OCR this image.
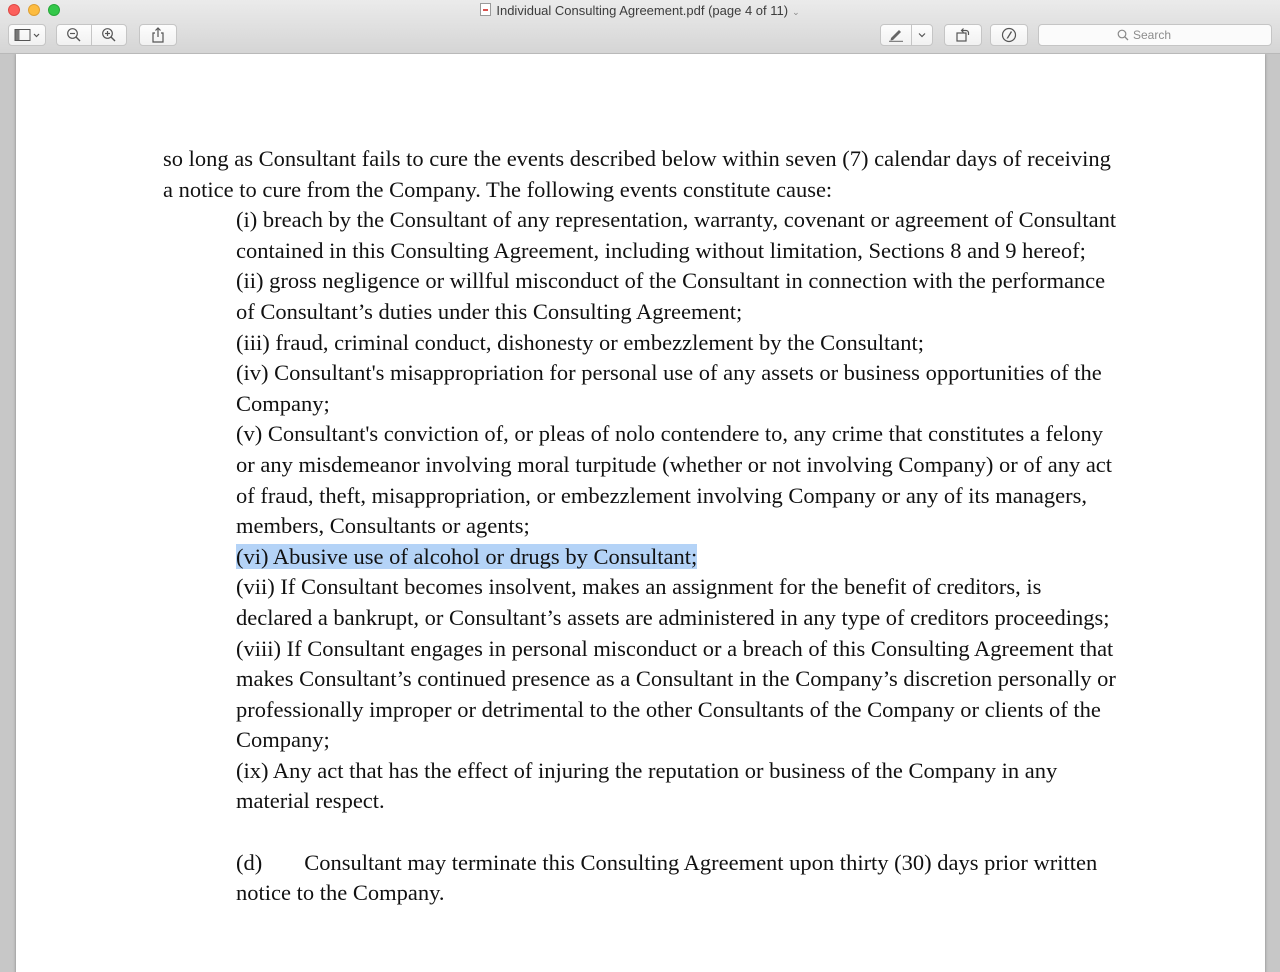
Individual Consulting Agreement.pdf (page 4 of 11) ⌄
Search

so long as Consultant fails to cure the events described below within seven (7) calendar days of receiving a notice to cure from the Company. The following events constitute cause:

(i) breach by the Consultant of any representation, warranty, covenant or agreement of Consultant contained in this Consulting Agreement, including without limitation, Sections 8 and 9 hereof;

(ii) gross negligence or willful misconduct of the Consultant in connection with the performance of Consultant’s duties under this Consulting Agreement;

(iii) fraud, criminal conduct, dishonesty or embezzlement by the Consultant;

(iv) Consultant's misappropriation for personal use of any assets or business opportunities of the Company;

(v) Consultant's conviction of, or pleas of nolo contendere to, any crime that constitutes a felony or any misdemeanor involving moral turpitude (whether or not involving Company) or of any act of fraud, theft, misappropriation, or embezzlement involving Company or any of its managers, members, Consultants or agents;

(vi) Abusive use of alcohol or drugs by Consultant;

(vii) If Consultant becomes insolvent, makes an assignment for the benefit of creditors, is declared a bankrupt, or Consultant’s assets are administered in any type of creditors proceedings;

(viii) If Consultant engages in personal misconduct or a breach of this Consulting Agreement that makes Consultant’s continued presence as a Consultant in the Company’s discretion personally or professionally improper or detrimental to the other Consultants of the Company or clients of the Company;

(ix) Any act that has the effect of injuring the reputation or business of the Company in any material respect.

(d) Consultant may terminate this Consulting Agreement upon thirty (30) days prior written notice to the Company.
